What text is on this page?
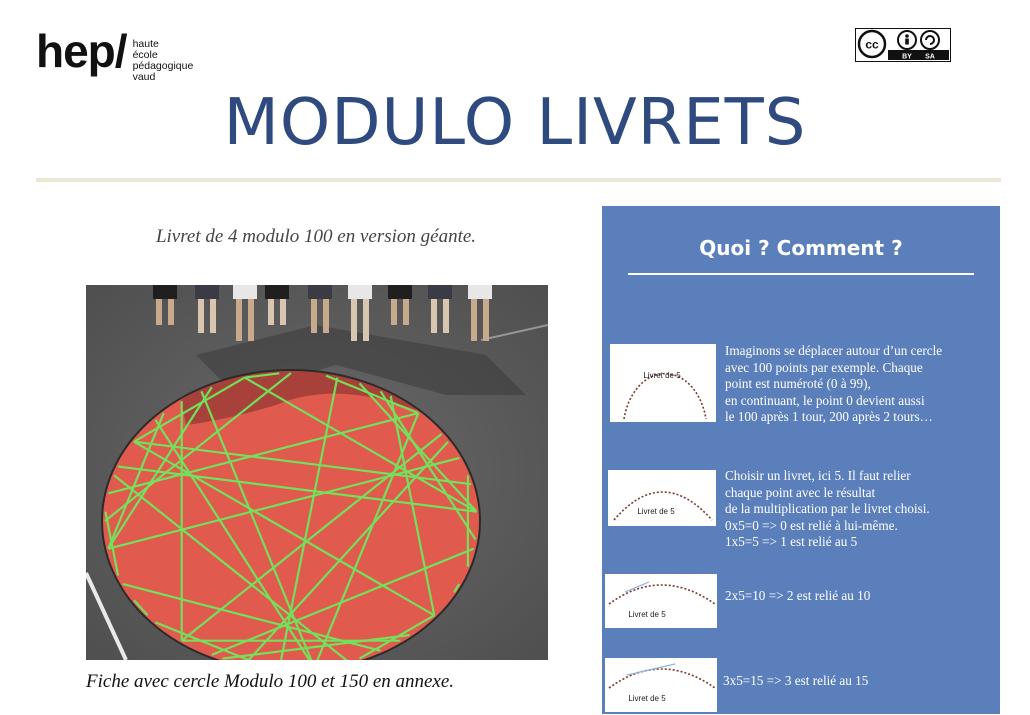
hep/ haute
école
pédagogique
vaud
cc
BY SA
MODULO LIVRETS
Livret de 4 modulo 100 en version géante.
Fiche avec cercle Modulo 100 et 150 en annexe.
Quoi ? Comment ?
Livret de 5
Imaginons se déplacer autour d’un cercle
avec 100 points par exemple. Chaque
point est numéroté (0 à 99),
en continuant, le point 0 devient aussi
le 100 après 1 tour, 200 après 2 tours…
Livret de 5
Choisir un livret, ici 5. Il faut relier
chaque point avec le résultat
de la multiplication par le livret choisi.
0x5=0 => 0 est relié à lui-même.
1x5=5 => 1 est relié au 5
Livret de 5
2x5=10 => 2 est relié au 10
Livret de 5
3x5=15 => 3 est relié au 15
